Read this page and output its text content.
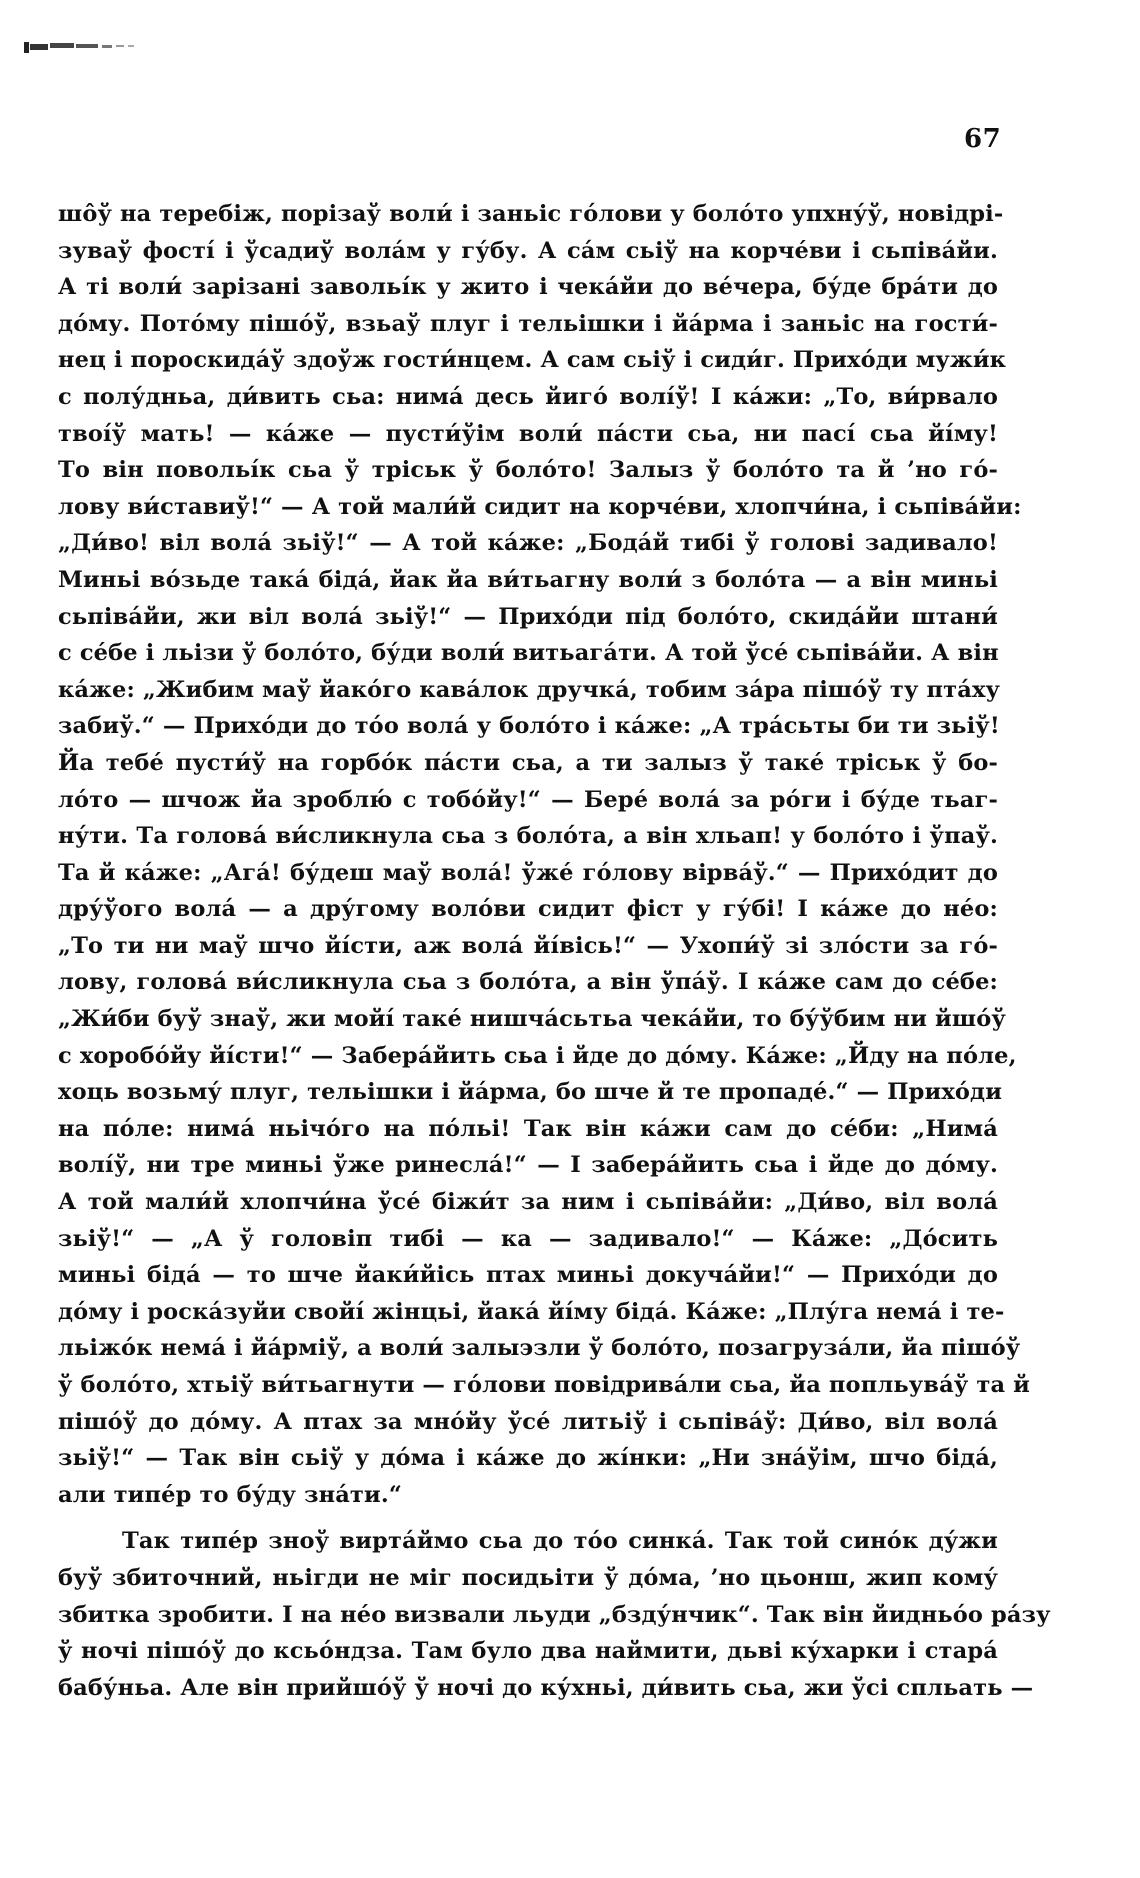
67
шôў на теребіж, порізаў воли́ і заньіс го́лови у боло́то упхну́ў, новідрі-
зуваў фості́ і ўсадиў вола́м у гу́бу. А са́м сьіў на корчéви і сьпіва́йи.
А ті воли́ зарізані завольі́к у жито і чека́йи до ве́чера, бу́де бра́ти до
до́му. Пото́му пішо́ў, взьаў плуг і тельішки і йа́рма і заньіс на гости́-
нец і пороскида́ў здоўж гости́нцем. А сам сьіў і сиди́г. Прихо́ди мужи́к
с полу́дньа, ди́вить сьа: нима́ десь йиго́ волі́ў! І ка́жи: „То, ви́рвало
твоі́ў мать! — ка́же — пусти́ўім воли́ па́сти сьа, ни пасі́ сьа йі́му!
То він повольі́к сьа ў тріськ ў боло́то! Залыз ў боло́то та й ’но го́-
лову ви́ставиў!“ — А той мали́й сидит на корчéви, хлопчи́на, і сьпіва́йи:
„Ди́во! віл вола́ зьіў!“ — А той ка́же: „Бода́й тибі ў голові задивало!
Миньі во́зьде така́ біда́, йак йа ви́тьагну воли́ з боло́та — а він миньі
сьпіва́йи, жи віл вола́ зьіў!“ — Прихо́ди під боло́то, скида́йи штани́
с сéбе і льізи ў боло́то, бу́ди воли́ витьага́ти. А той ўсé сьпіва́йи. А він
ка́же: „Жибим маў йако́го кава́лок дручка́, тобим за́ра пішо́ў ту пта́ху
забиў.“ — Прихо́ди до то́о вола́ у боло́то і ка́же: „А тра́сьты би ти зьіў!
Йа тебé пусти́ў на горбо́к па́сти сьа, а ти залыз ў такé тріськ ў бо-
ло́то — шчож йа зроблю́ с тобо́йу!“ — Берé вола́ за ро́ги і бу́де тьаг-
ну́ти. Та голова́ ви́сликнула сьа з боло́та, а він хльап! у боло́то і ўпаў.
Та й ка́же: „Ага́! бу́деш маў вола́! ўжé го́лову вірва́ў.“ — Прихо́дит до
дру́ўого вола́ — а дру́гому воло́ви сидит фіст у гу́бі! І ка́же до нéо:
„То ти ни маў шчо йі́сти, аж вола́ йі́вісь!“ — Ухопи́ў зі зло́сти за го́-
лову, голова́ ви́сликнула сьа з боло́та, а він ўпа́ў. І ка́же сам до сéбе:
„Жи́би буў знаў, жи мойі́ такé нишча́сьтьа чека́йи, то бу́ўбим ни йшо́ў
с хоробо́йу йі́сти!“ — Забера́йить сьа і йде до до́му. Ка́же: „Йду на по́ле,
хоць возьму́ плуг, тельішки і йа́рма, бо шче й те пропадé.“ — Прихо́ди
на по́ле: нима́ ньічо́го на по́льі! Так він ка́жи сам до сéби: „Нима́
волі́ў, ни тре миньі ўже ринесла́!“ — І забера́йить сьа і йде до до́му.
А той мали́й хлопчи́на ўсé біжи́т за ним і сьпіва́йи: „Ди́во, віл вола́
зьіў!“ — „А ў головіп тибі — ка — задивало!“ — Ка́же: „До́сить
миньі біда́ — то шче йаки́йісь птах миньі докуча́йи!“ — Прихо́ди до
до́му і роска́зуйи свойі́ жінцьі, йака́ йі́му біда́. Ка́же: „Плу́га нема́ і те-
льіжо́к нема́ і йа́рміў, а воли́ залыэзли ў боло́то, позагруза́ли, йа пішо́ў
ў боло́то, хтьіў ви́тьагнути — го́лови повідрива́ли сьа, йа попльува́ў та й
пішо́ў до до́му. А птах за мно́йу ўсé литьіў і сьпіва́ў: Ди́во, віл вола́
зьіў!“ — Так він сьіў у до́ма і ка́же до жі́нки: „Ни зна́ўім, шчо біда́,
али типéр то бу́ду зна́ти.“
Так типéр зноў вирта́ймо сьа до то́о синка́. Так той сино́к ду́жи
буў збиточний, ньігди не міг посидьіти ў до́ма, ’но цьонш, жип кому́
збитка зробити. І на нéо визвали льуди „бзду́нчик“. Так він йидньо́о ра́зу
ў ночі пішо́ў до ксьо́ндза. Там було два наймити, дьві ку́харки і стара́
бабу́ньа. Але він прийшо́ў ў ночі до ку́хньі, ди́вить сьа, жи ўсі спльать —
